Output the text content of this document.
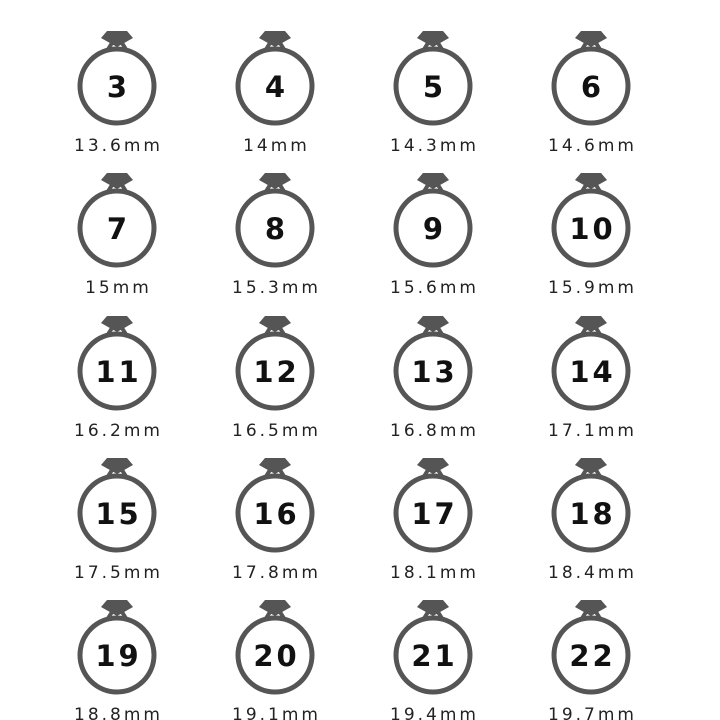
3
13.6mm
4
14mm
5
14.3mm
6
14.6mm
7
15mm
8
15.3mm
9
15.6mm
10
15.9mm
11
16.2mm
12
16.5mm
13
16.8mm
14
17.1mm
15
17.5mm
16
17.8mm
17
18.1mm
18
18.4mm
19
18.8mm
20
19.1mm
21
19.4mm
22
19.7mm
